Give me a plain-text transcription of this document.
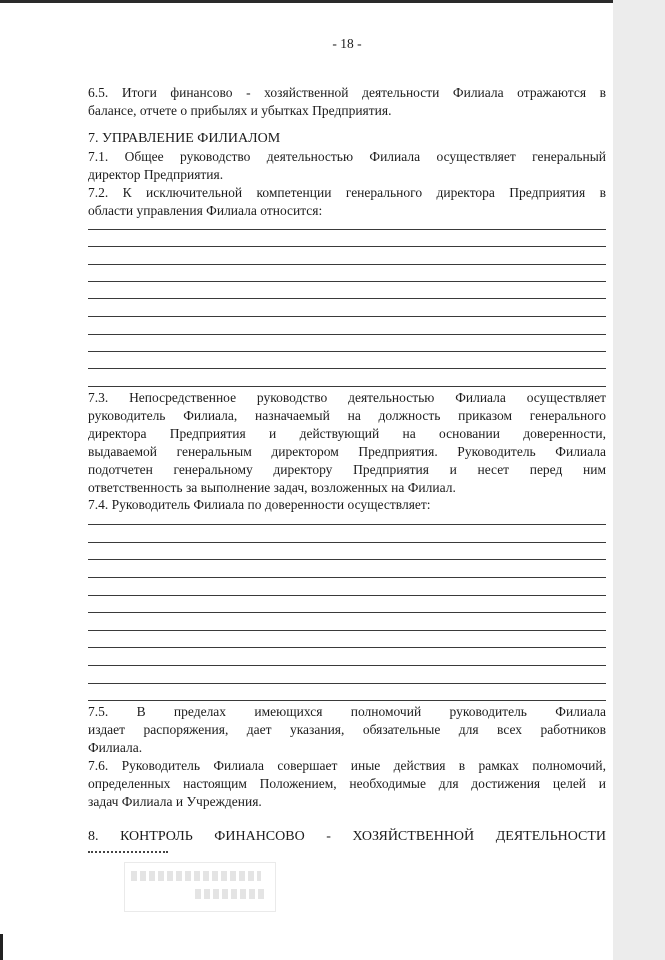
- 18 -
6.5. Итоги финансово - хозяйственной деятельности Филиала отражаются в
балансе, отчете о прибылях и убытках Предприятия.
7. УПРАВЛЕНИЕ ФИЛИАЛОМ
7.1. Общее руководство деятельностью Филиала осуществляет генеральный
директор Предприятия.
7.2. К исключительной компетенции генерального директора Предприятия в
области управления Филиала относится:
7.3. Непосредственное руководство деятельностью Филиала осуществляет
руководитель Филиала, назначаемый на должность приказом генерального
директора Предприятия и действующий на основании доверенности,
выдаваемой генеральным директором Предприятия. Руководитель Филиала
подотчетен генеральному директору Предприятия и несет перед ним
ответственность за выполнение задач, возложенных на Филиал.
7.4. Руководитель Филиала по доверенности осуществляет:
7.5. В пределах имеющихся полномочий руководитель Филиала
издает распоряжения, дает указания, обязательные для всех работников
Филиала.
7.6. Руководитель Филиала совершает иные действия в рамках полномочий,
определенных настоящим Положением, необходимые для достижения целей и
задач Филиала и Учреждения.
8. КОНТРОЛЬ ФИНАНСОВО - ХОЗЯЙСТВЕННОЙ ДЕЯТЕЛЬНОСТИ
